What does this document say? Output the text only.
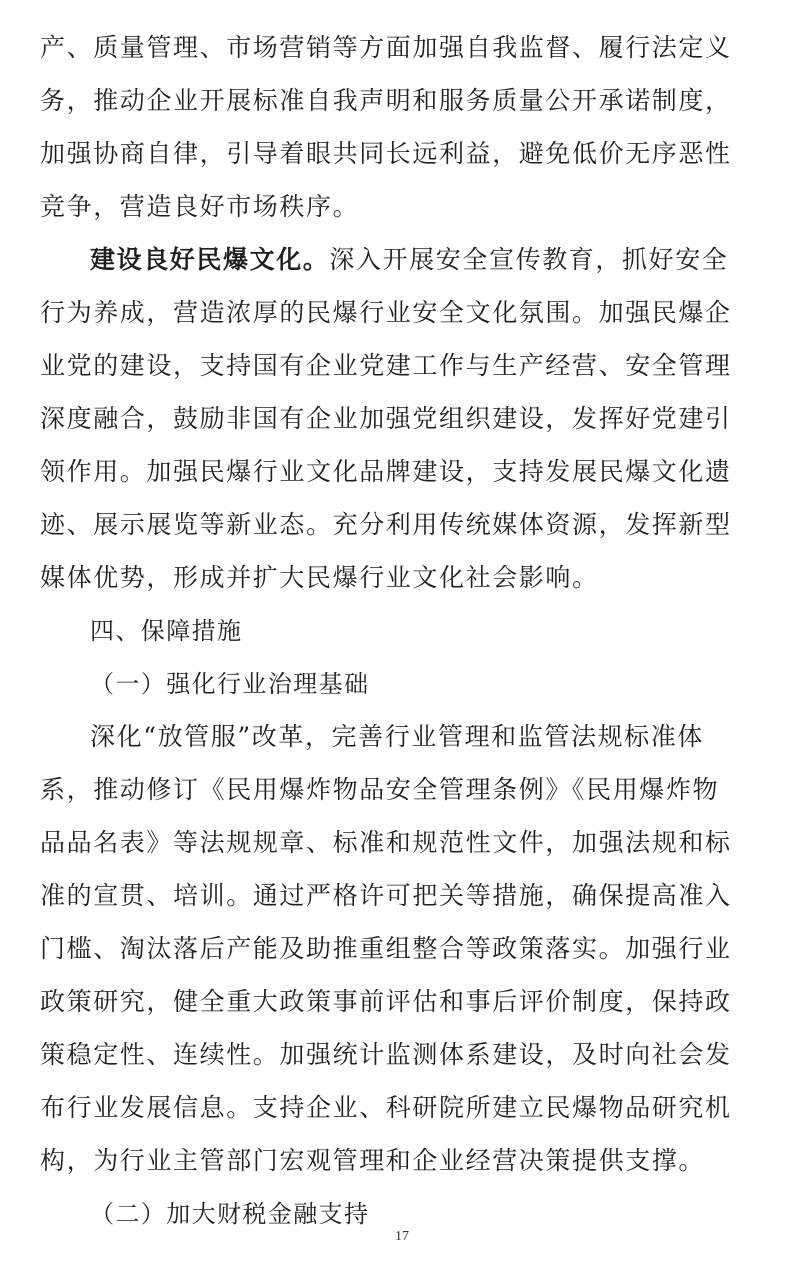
产、质量管理、市场营销等方面加强自我监督、履行法定义
务，推动企业开展标准自我声明和服务质量公开承诺制度，
加强协商自律，引导着眼共同长远利益，避免低价无序恶性
竞争，营造良好市场秩序。
建设良好民爆文化。深入开展安全宣传教育，抓好安全
行为养成，营造浓厚的民爆行业安全文化氛围。加强民爆企
业党的建设，支持国有企业党建工作与生产经营、安全管理
深度融合，鼓励非国有企业加强党组织建设，发挥好党建引
领作用。加强民爆行业文化品牌建设，支持发展民爆文化遗
迹、展示展览等新业态。充分利用传统媒体资源，发挥新型
媒体优势，形成并扩大民爆行业文化社会影响。
四、保障措施
（一）强化行业治理基础
深化“放管服”改革，完善行业管理和监管法规标准体
系，推动修订《民用爆炸物品安全管理条例》《民用爆炸物
品品名表》等法规规章、标准和规范性文件，加强法规和标
准的宣贯、培训。通过严格许可把关等措施，确保提高准入
门槛、淘汰落后产能及助推重组整合等政策落实。加强行业
政策研究，健全重大政策事前评估和事后评价制度，保持政
策稳定性、连续性。加强统计监测体系建设，及时向社会发
布行业发展信息。支持企业、科研院所建立民爆物品研究机
构，为行业主管部门宏观管理和企业经营决策提供支撑。
（二）加大财税金融支持
17
